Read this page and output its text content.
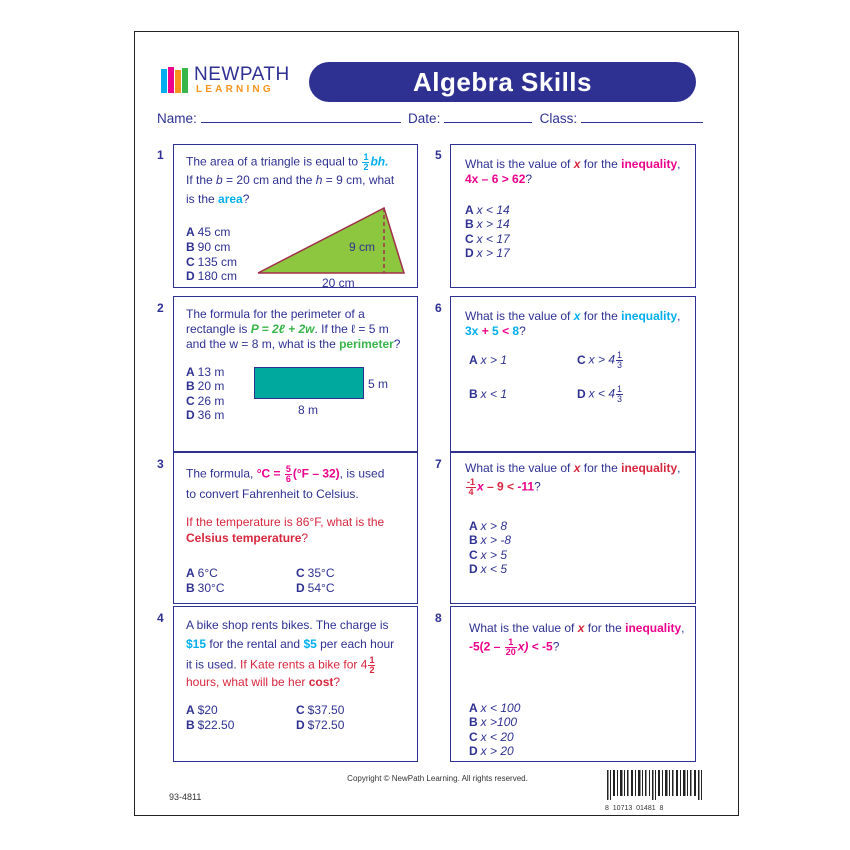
NEWPATH
LEARNING	Algebra Skills
Name:	Date:	Class:
1 The area of a triangle is equal to $\frac{1}{2}$ bh.
If the b = 20 cm and the h = 9 cm, what
is the area?
9 cm
20 cm
A 45 cm
B 90 cm
C 135 cm
D 180 cm
2 The formula for the perimeter of a
rectangle is P = 2ℓ + 2w. If the ℓ = 5 m
and the w = 8 m, what is the perimeter?
5 m
8 m
A 13 m
B 20 m
C 26 m
D 36 m
3
The formula, $^\circ C = \frac{5}{6} (^\circ F - 32)$, is used
to convert Fahrenheit to Celsius.
If the temperature is 86°F, what is the
Celsius temperature?
A 6°C
B 30°C
C 35°C
D 54°C
4 A bike shop rents bikes. The charge is
$15 for the rental and $5 per each hour
it is used. If Kate rents a bike for $4 \frac{1}{2}$
hours, what will be her cost?
A $20
B $22.50
C $37.50
D $72.50
5
What is the value of x for the inequality,
4x – 6 > 62?
A x < 14
B x > 14
C x < 17
D x > 17
6
What is the value of x for the inequality,
3x + 5 < 8?
A x > 1
B x < 1
C $x > 4 \frac{1}{3}$
D $x < 4 \frac{1}{3}$
7 What is the value of x for the inequality,
$\frac{-1}{4}$ x – 9 < -11?
A x > 8
B x > -8
C x > 5
D x < 5
8
What is the value of x for the inequality,
$-5(2 - \frac{1}{20} x) < -5$?
A x < 100
B x >100
C x < 20
D x > 20
Copyright © NewPath Learning. All rights reserved.
93-4811
8  10713  01481  8
